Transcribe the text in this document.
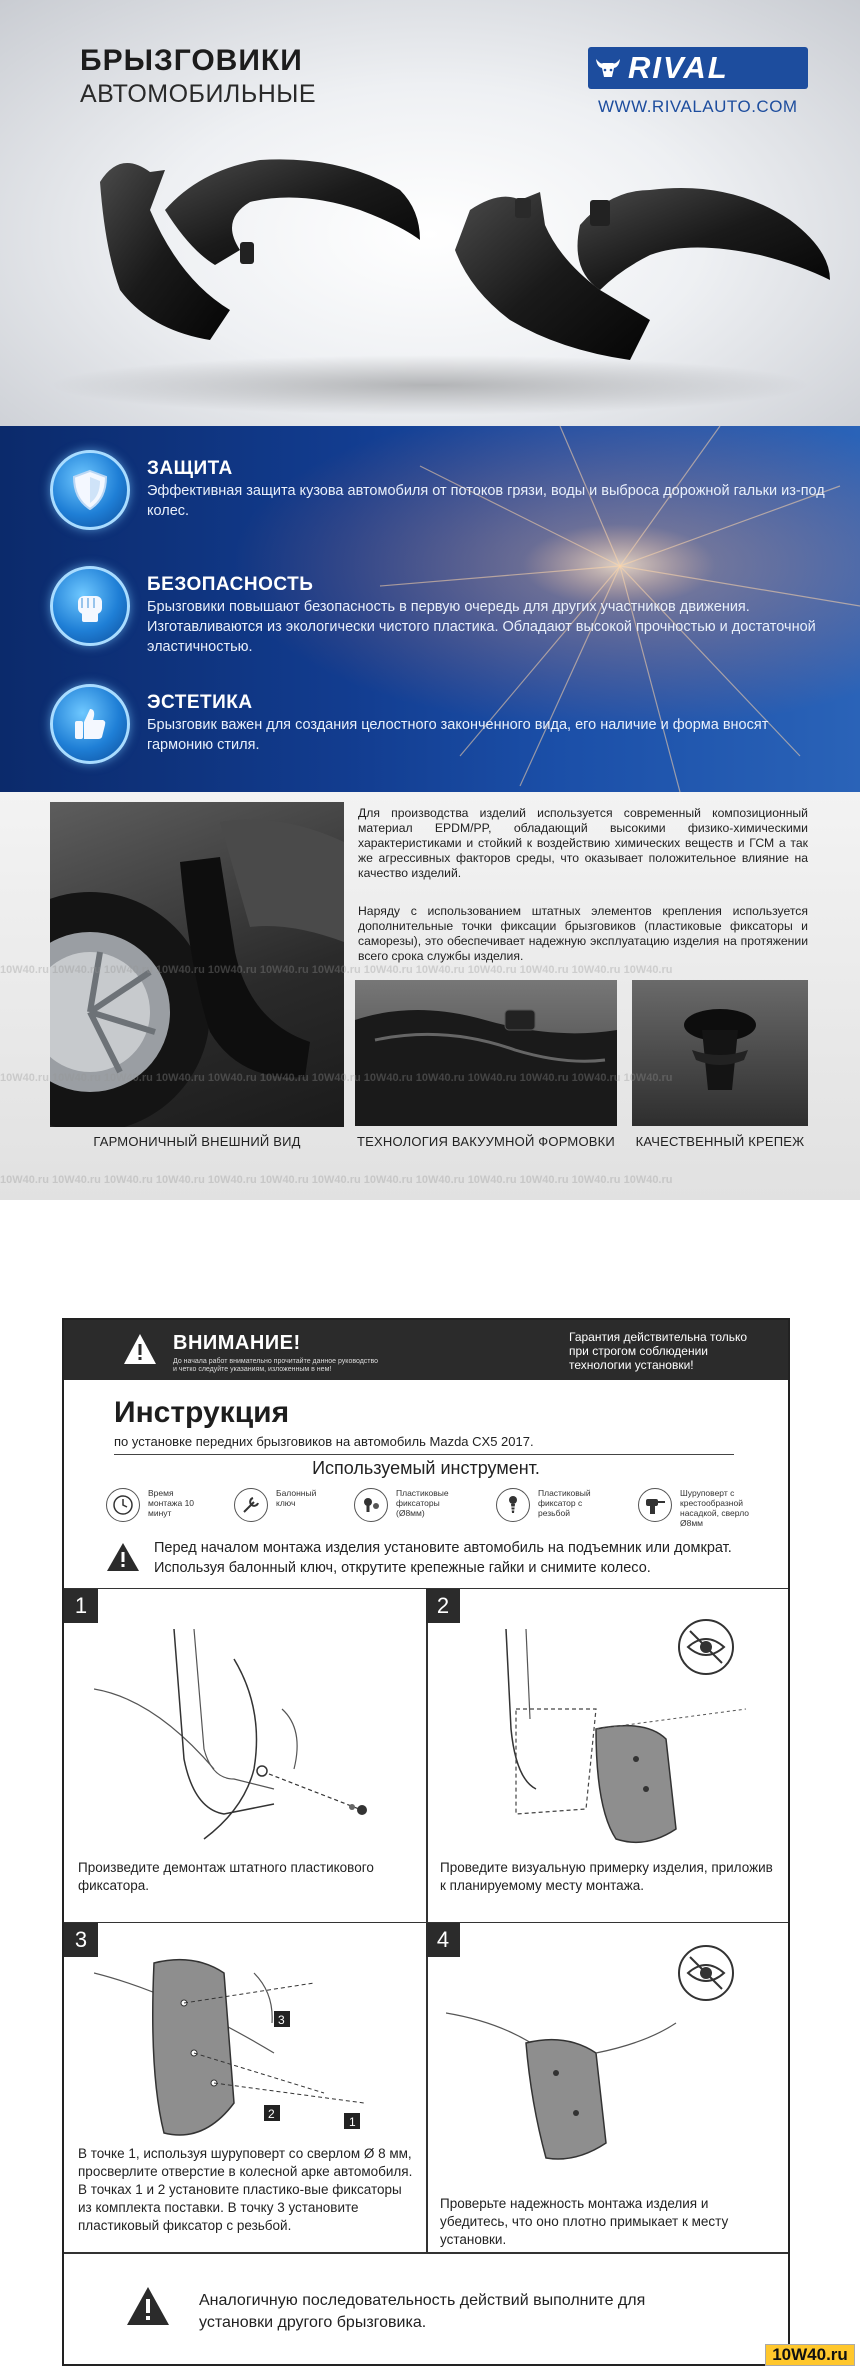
БРЫЗГОВИКИ
АВТОМОБИЛЬНЫЕ
RIVAL
WWW.RIVALAUTO.COM
ЗАЩИТА
Эффективная защита кузова автомобиля от потоков грязи, воды и выброса дорожной гальки из-под колес.
БЕЗОПАСНОСТЬ
Брызговики повышают безопасность в первую очередь для других участников движения. Изготавливаются из экологически чистого пластика. Обладают высокой прочностью и достаточной эластичностью.
ЭСТЕТИКА
Брызговик важен для создания целостного законченного вида, его наличие и форма вносят гармонию стиля.
Для производства изделий используется современный композиционный материал EPDM/PP, обладающий высокими физико-химическими характеристиками и стойкий к воздействию химических веществ и ГСМ а так же агрессивных факторов среды, что оказывает положительное влияние на качество изделий.
Наряду с использованием штатных элементов крепления используется дополнительные точки фиксации брызговиков (пластиковые фиксаторы и саморезы), это обеспечивает надежную эксплуатацию изделия на протяжении всего срока службы изделия.
10W40.ru 10W40.ru 10W40.ru 10W40.ru 10W40.ru 10W40.ru 10W40.ru 10W40.ru 10W40.ru 10W40.ru 10W40.ru 10W40.ru 10W40.ru
10W40.ru 10W40.ru 10W40.ru 10W40.ru 10W40.ru 10W40.ru 10W40.ru 10W40.ru 10W40.ru 10W40.ru 10W40.ru 10W40.ru 10W40.ru
10W40.ru 10W40.ru 10W40.ru 10W40.ru 10W40.ru 10W40.ru 10W40.ru 10W40.ru 10W40.ru 10W40.ru 10W40.ru 10W40.ru 10W40.ru
ГАРМОНИЧНЫЙ ВНЕШНИЙ ВИД	ТЕХНОЛОГИЯ ВАКУУМНОЙ ФОРМОВКИ	КАЧЕСТВЕННЫЙ КРЕПЕЖ
ВНИМАНИЕ!
До начала работ внимательно прочитайте данное руководство и четко следуйте указаниям, изложенным в нем!
Гарантия действительна только при строгом соблюдении технологии установки!
Инструкция
по установке передних брызговиков на автомобиль Mazda CX5 2017.
Используемый инструмент.
Время монтажа 10 минут
Балонный ключ
Пластиковые фиксаторы (Ø8мм)
Пластиковый фиксатор с резьбой
Шуруповерт с крестообразной насадкой, сверло Ø8мм
Перед началом монтажа изделия установите автомобиль на подъемник или домкрат. Используя балонный ключ, открутите крепежные гайки и снимите колесо.
1
Произведите демонтаж штатного пластикового фиксатора.
2
Проведите визуальную примерку изделия, приложив к планируемому месту монтажа.
3
3
2
1
В точке 1, используя шуруповерт со сверлом Ø 8 мм, просверлите отверстие в колесной арке автомобиля. В точках 1 и 2 установите пластико-вые фиксаторы из комплекта поставки. В точку 3 установите пластиковый фиксатор с резьбой.
4
Проверьте надежность монтажа изделия и убедитесь, что оно плотно примыкает к месту установки.
Аналогичную последовательность действий выполните для установки другого брызговика.
10W40.ru
